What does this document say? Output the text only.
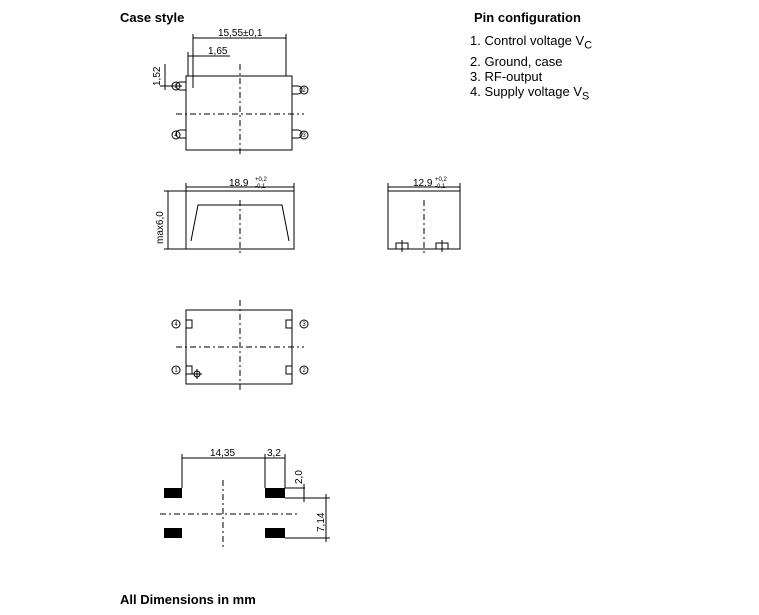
Case style	Pin configuration
All Dimensions in mm
1. Control voltage $V_C$
2. Ground, case
3. RF-output
4. Supply voltage $V_S$
15,55±0,1
1,65
1,52
18,9 +0,2
-0,1	12,9 +0,2
-0,1
max6,0
14,35	3,2
2,0
7,14
1
4
2
3
4	3
1	2
